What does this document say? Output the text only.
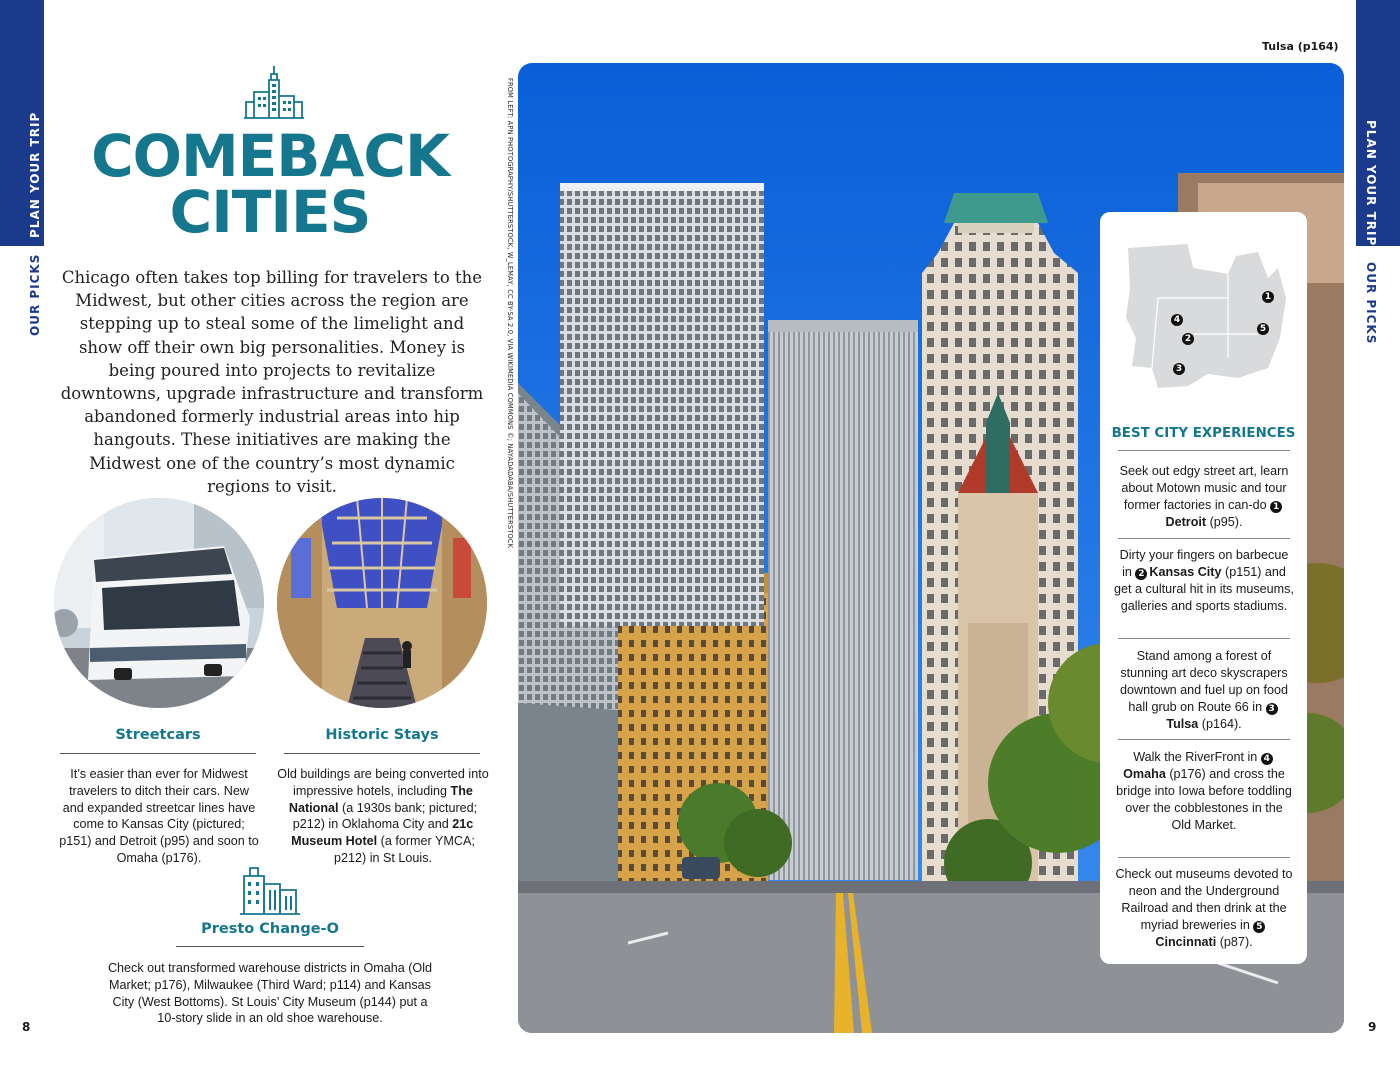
PLAN YOUR TRIP
OUR PICKS
PLAN YOUR TRIP
OUR PICKS
8	9
COMEBACK
CITIES
Chicago often takes top billing for travelers to the Midwest, but other cities across the region are stepping up to steal some of the limelight and show off their own big personalities. Money is being poured into projects to revitalize downtowns, upgrade infrastructure and transform abandoned formerly industrial areas into hip hangouts. These initiatives are making the Midwest one of the country’s most dynamic regions to visit.
Streetcars
It’s easier than ever for Midwest travelers to ditch their cars. New and expanded streetcar lines have come to Kansas City (pictured; p151) and Detroit (p95) and soon to Omaha (p176).
Historic Stays
Old buildings are being converted into impressive hotels, including The National (a 1930s bank; pictured; p212) in Oklahoma City and 21c Museum Hotel (a former YMCA; p212) in St Louis.
Presto Change-O
Check out transformed warehouse districts in Omaha (Old Market; p176), Milwaukee (Third Ward; p114) and Kansas City (West Bottoms). St Louis’ City Museum (p144) put a 10-story slide in an old shoe warehouse.
FROM LEFT: APN PHOTOGRAPHY/SHUTTERSTOCK, W_LEMAY, CC BY-SA 2.0, VIA WIKIMEDIA COMMONS ©; NAYADADABA/SHUTTERSTOCK
Tulsa (p164)
1
2
3
4
5
BEST CITY EXPERIENCES
Seek out edgy street art, learn about Motown music and tour former factories in can-do 1Detroit (p95).
Dirty your fingers on barbecue in 2 Kansas City (p151) and get a cultural hit in its museums, galleries and sports stadiums.
Stand among a forest of stunning art deco skyscrapers downtown and fuel up on food hall grub on Route 66 in 3Tulsa (p164).
Walk the RiverFront in 4Omaha (p176) and cross the bridge into Iowa before toddling over the cobblestones in the Old Market.
Check out museums devoted to neon and the Underground Railroad and then drink at the myriad breweries in 5Cincinnati (p87).
